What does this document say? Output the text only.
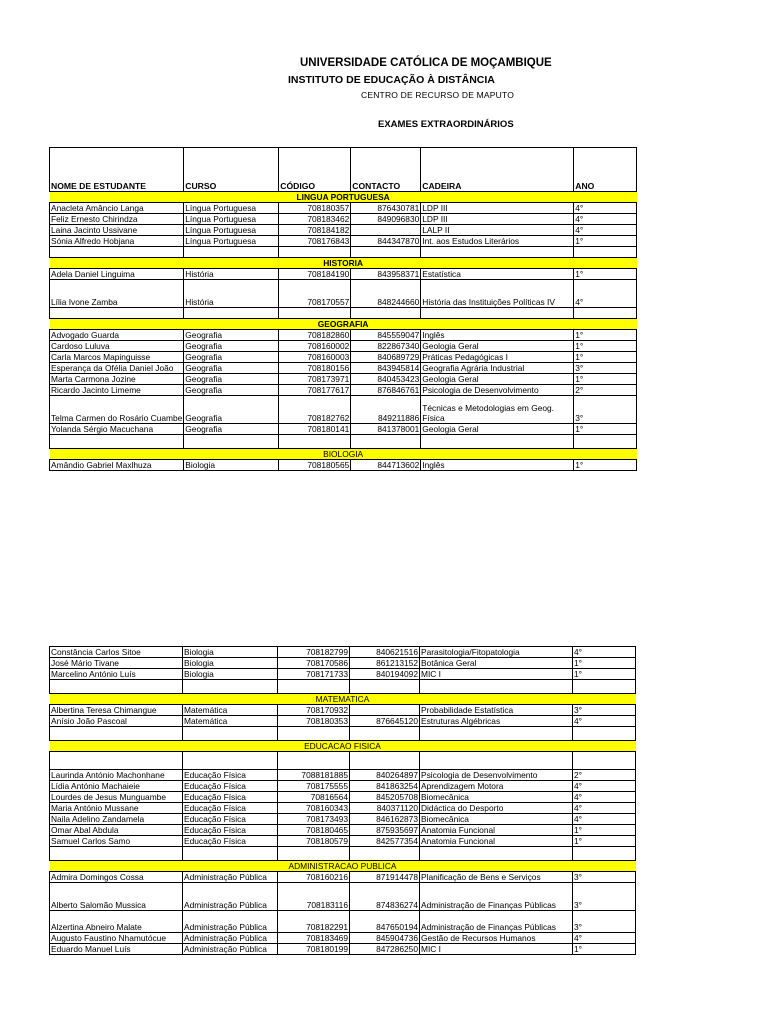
UNIVERSIDADE CATÓLICA DE MOÇAMBIQUE
INSTITUTO DE EDUCAÇÃO À DISTÂNCIA
CENTRO DE RECURSO DE MAPUTO
EXAMES EXTRAORDINÁRIOS
NOME DE ESTUDANTE	CURSO	CÓDIGO	CONTACTO	CADEIRA	ANO
LINGUA PORTUGUESA					
Anacleta Amâncio Langa	Língua Portuguesa	708180357	876430781	LDP III	4°
Feliz Ernesto Chirindza	Língua Portuguesa	708183462	849096830	LDP III	4°
Laina Jacinto Ussivane	Língua Portuguesa	708184182		LALP II	4°
Sónia Alfredo Hobjana	Língua Portuguesa	708176843	844347870	Int. aos Estudos Literários	1°

HISTORIA					
Adela Daniel Linguima	História	708184190	843958371	Estatística	1°
Lília Ivone Zamba	História	708170557	848244660	História das Instituições Políticas IV	4°

GEOGRAFIA					
Advogado Guarda	Geografia	708182860	845559047	Inglês	1°
Cardoso Luluva	Geografia	708160002	822867340	Geologia Geral	1°
Carla Marcos Mapinguisse	Geografia	708160003	840689729	Práticas Pedagógicas I	1°
Esperança da Ofélia Daniel João	Geografia	708180156	843945814	Geografia Agrária Industrial	3°
Marta Carmona Jozine	Geografia	708173971	840453423	Geologia Geral	1°
Ricardo Jacinto Limeme	Geografia	708177617	876846761	Psicologia de Desenvolvimento	2°
Telma Carmen do Rosário Cuambe	Geografia	708182762	849211886	Técnicas e Metodologias em Geog. Física	3°
Yolanda Sérgio Macuchana	Geografia	708180141	841378001	Geologia Geral	1°

BIOLOGIA					
Amândio Gabriel Maxlhuza	Biologia	708180565	844713602	Inglês	1°
Constância Carlos Sitoe	Biologia	708182799	840621516	Parasitologia/Fitopatologia	4°
José Mário Tivane	Biologia	708170586	861213152	Botânica Geral	1°
Marcelino António Luís	Biologia	708171733	840194092	MIC I	1°

MATEMATICA					
Albertina Teresa Chimangue	Matemática	708170932		Probabilidade Estatística	3°
Anísio João Pascoal	Matemática	708180353	876645120	Estruturas Algébricas	4°

EDUCACAO FISICA					

Laurinda António Machonhane	Educação Física	7088181885	840264897	Psicologia de Desenvolvimento	2°
Lídia António Machaieie	Educação Física	708175555	841863254	Aprendizagem Motora	4°
Lourdes de Jesus Munguambe	Educação Física	70816564	845205708	Biomecânica	4°
Maria António Mussane	Educação Física	708160343	840371120	Didáctica do Desporto	4°
Naila Adelino Zandamela	Educação Física	708173493	846162873	Biomecânica	4°
Omar Abal Abdula	Educação Física	708180465	875935697	Anatomia Funcional	1°
Samuel Carlos Samo	Educação Física	708180579	842577354	Anatomia Funcional	1°

ADMINISTRACAO PUBLICA					
Admira Domingos Cossa	Administração Pública	708160216	871914478	Planificação de Bens e Serviços	3°
Alberto Salomão Mussica	Administração Pública	708183116	874836274	Administração de Finanças Públicas	3°
Alzertina Abneiro Malate	Administração Pública	708182291	847650194	Administração de Finanças Públicas	3°
Augusto Faustino Nhamutócue	Administração Pública	708183469	845904736	Gestão de Recursos Humanos	4°
Eduardo Manuel Luís	Administração Pública	708180199	847286250	MIC I	1°
